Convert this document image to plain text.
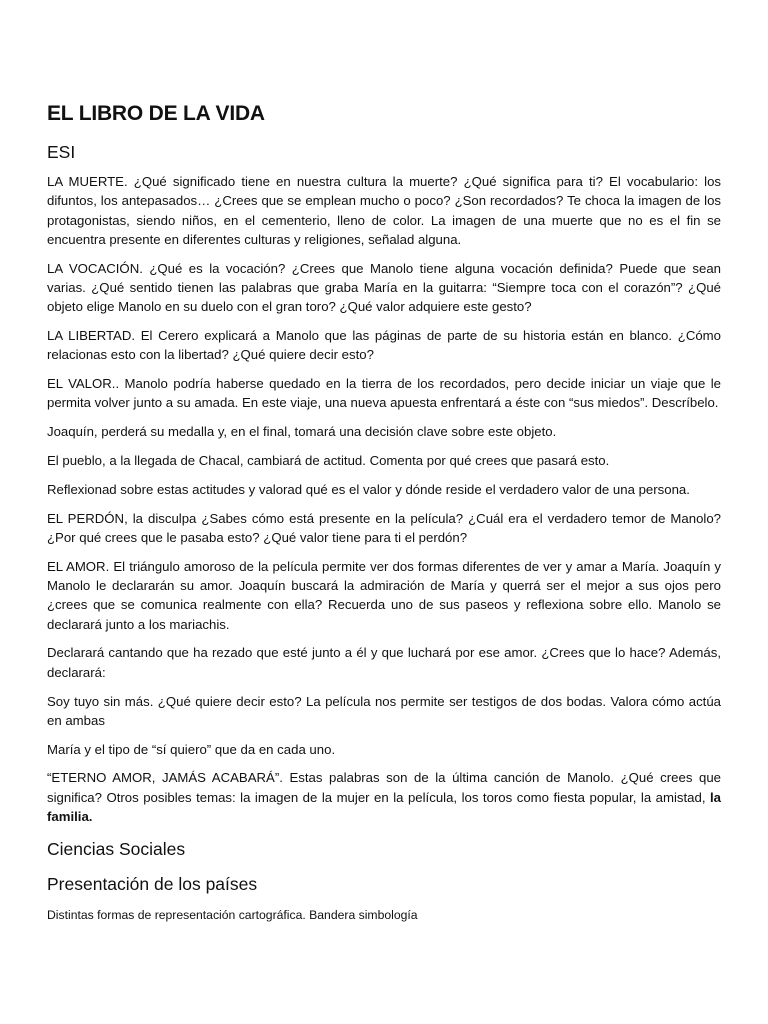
EL LIBRO DE LA VIDA
ESI

LA MUERTE. ¿Qué significado tiene en nuestra cultura la muerte? ¿Qué significa para ti? El vocabulario: los difuntos, los antepasados… ¿Crees que se emplean mucho o poco? ¿Son recordados? Te choca la imagen de los protagonistas, siendo niños, en el cementerio, lleno de color. La imagen de una muerte que no es el fin se encuentra presente en diferentes culturas y religiones, señalad alguna.

LA VOCACIÓN. ¿Qué es la vocación? ¿Crees que Manolo tiene alguna vocación definida? Puede que sean varias. ¿Qué sentido tienen las palabras que graba María en la guitarra: “Siempre toca con el corazón”? ¿Qué objeto elige Manolo en su duelo con el gran toro? ¿Qué valor adquiere este gesto?

LA LIBERTAD. El Cerero explicará a Manolo que las páginas de parte de su historia están en blanco. ¿Cómo relacionas esto con la libertad? ¿Qué quiere decir esto?

EL VALOR.. Manolo podría haberse quedado en la tierra de los recordados, pero decide iniciar un viaje que le permita volver junto a su amada. En este viaje, una nueva apuesta enfrentará a éste con “sus miedos”. Descríbelo.

Joaquín, perderá su medalla y, en el final, tomará una decisión clave sobre este objeto.

El pueblo, a la llegada de Chacal, cambiará de actitud. Comenta por qué crees que pasará esto.

Reflexionad sobre estas actitudes y valorad qué es el valor y dónde reside el verdadero valor de una persona.

EL PERDÓN, la disculpa ¿Sabes cómo está presente en la película? ¿Cuál era el verdadero temor de Manolo? ¿Por qué crees que le pasaba esto? ¿Qué valor tiene para ti el perdón?

EL AMOR. El triángulo amoroso de la película permite ver dos formas diferentes de ver y amar a María. Joaquín y Manolo le declararán su amor. Joaquín buscará la admiración de María y querrá ser el mejor a sus ojos pero ¿crees que se comunica realmente con ella? Recuerda uno de sus paseos y reflexiona sobre ello. Manolo se declarará junto a los mariachis.

Declarará cantando que ha rezado que esté junto a él y que luchará por ese amor. ¿Crees que lo hace? Además, declarará:

Soy tuyo sin más. ¿Qué quiere decir esto? La película nos permite ser testigos de dos bodas. Valora cómo actúa en ambas

María y el tipo de “sí quiero” que da en cada uno.

“ETERNO AMOR, JAMÁS ACABARÁ”. Estas palabras son de la última canción de Manolo. ¿Qué crees que significa? Otros posibles temas: la imagen de la mujer en la película, los toros como fiesta popular, la amistad, la familia.

Ciencias Sociales
Presentación de los países

Distintas formas de representación cartográfica. Bandera simbología
